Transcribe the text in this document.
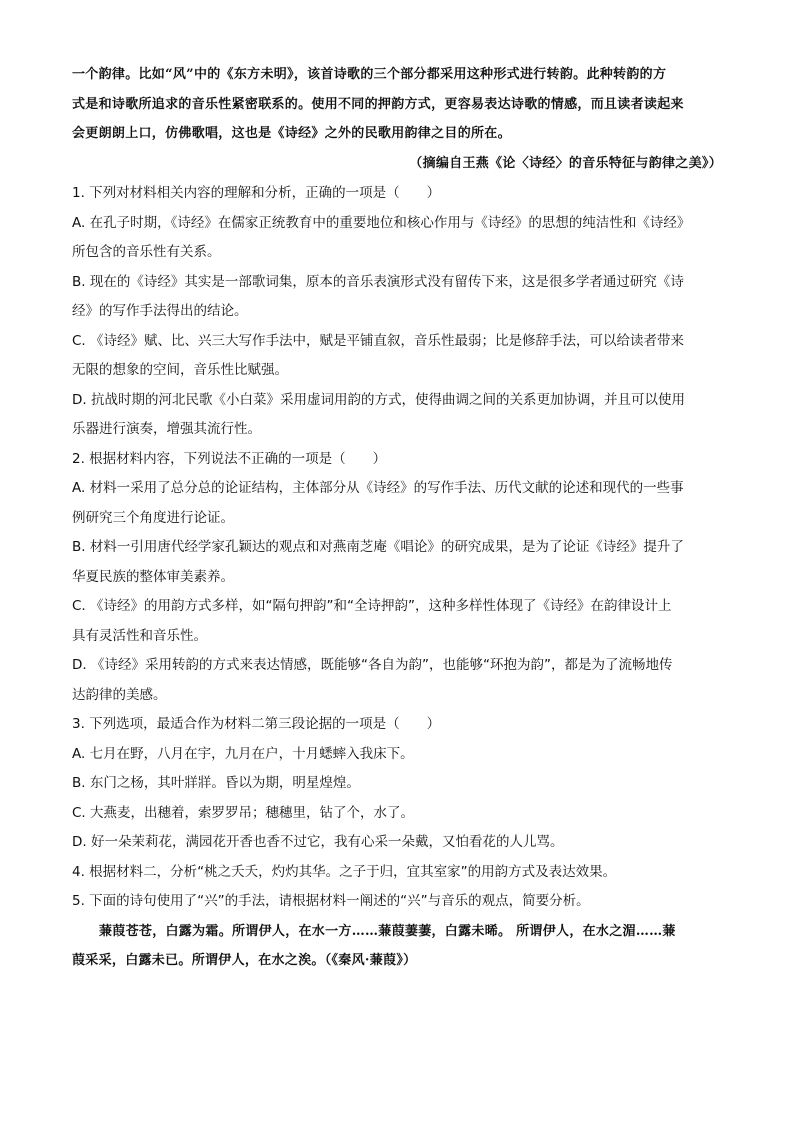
一个韵律。比如“风”中的《东方未明》，该首诗歌的三个部分都采用这种形式进行转韵。此种转韵的方

式是和诗歌所追求的音乐性紧密联系的。使用不同的押韵方式，更容易表达诗歌的情感，而且读者读起来

会更朗朗上口，仿佛歌唱，这也是《诗经》之外的民歌用韵律之目的所在。

（摘编自王燕《论〈诗经〉的音乐特征与韵律之美》）

1. 下列对材料相关内容的理解和分析，正确的一项是（　　）

A. 在孔子时期，《诗经》在儒家正统教育中的重要地位和核心作用与《诗经》的思想的纯洁性和《诗经》

所包含的音乐性有关系。

B. 现在的《诗经》其实是一部歌词集，原本的音乐表演形式没有留传下来，这是很多学者通过研究《诗

经》的写作手法得出的结论。

C. 《诗经》赋、比、兴三大写作手法中，赋是平铺直叙，音乐性最弱；比是修辞手法，可以给读者带来

无限的想象的空间，音乐性比赋强。

D. 抗战时期的河北民歌《小白菜》采用虚词用韵的方式，使得曲调之间的关系更加协调，并且可以使用

乐器进行演奏，增强其流行性。

2. 根据材料内容，下列说法不正确的一项是（　　）

A. 材料一采用了总分总的论证结构，主体部分从《诗经》的写作手法、历代文献的论述和现代的一些事

例研究三个角度进行论证。

B. 材料一引用唐代经学家孔颖达的观点和对燕南芝庵《唱论》的研究成果，是为了论证《诗经》提升了

华夏民族的整体审美素养。

C. 《诗经》的用韵方式多样，如“隔句押韵”和“全诗押韵”，这种多样性体现了《诗经》在韵律设计上

具有灵活性和音乐性。

D. 《诗经》采用转韵的方式来表达情感，既能够“各自为韵”，也能够“环抱为韵”，都是为了流畅地传

达韵律的美感。

3. 下列选项，最适合作为材料二第三段论据的一项是（　　）

A. 七月在野，八月在宇，九月在户，十月蟋蟀入我床下。

B. 东门之杨，其叶牂牂。昏以为期，明星煌煌。

C. 大燕麦，出穗着，索罗罗吊；穗穗里，钻了个，水了。

D. 好一朵茉莉花，满园花开香也香不过它，我有心采一朵戴，又怕看花的人儿骂。

4. 根据材料二，分析“桃之夭夭，灼灼其华。之子于归，宜其室家”的用韵方式及表达效果。

5. 下面的诗句使用了“兴”的手法，请根据材料一阐述的“兴”与音乐的观点，简要分析。

蒹葭苍苍，白露为霜。所谓伊人，在水一方……蒹葭萋萋，白露未晞。 所谓伊人，在水之湄……蒹

葭采采，白露未已。所谓伊人，在水之涘。（《秦风·蒹葭》）
